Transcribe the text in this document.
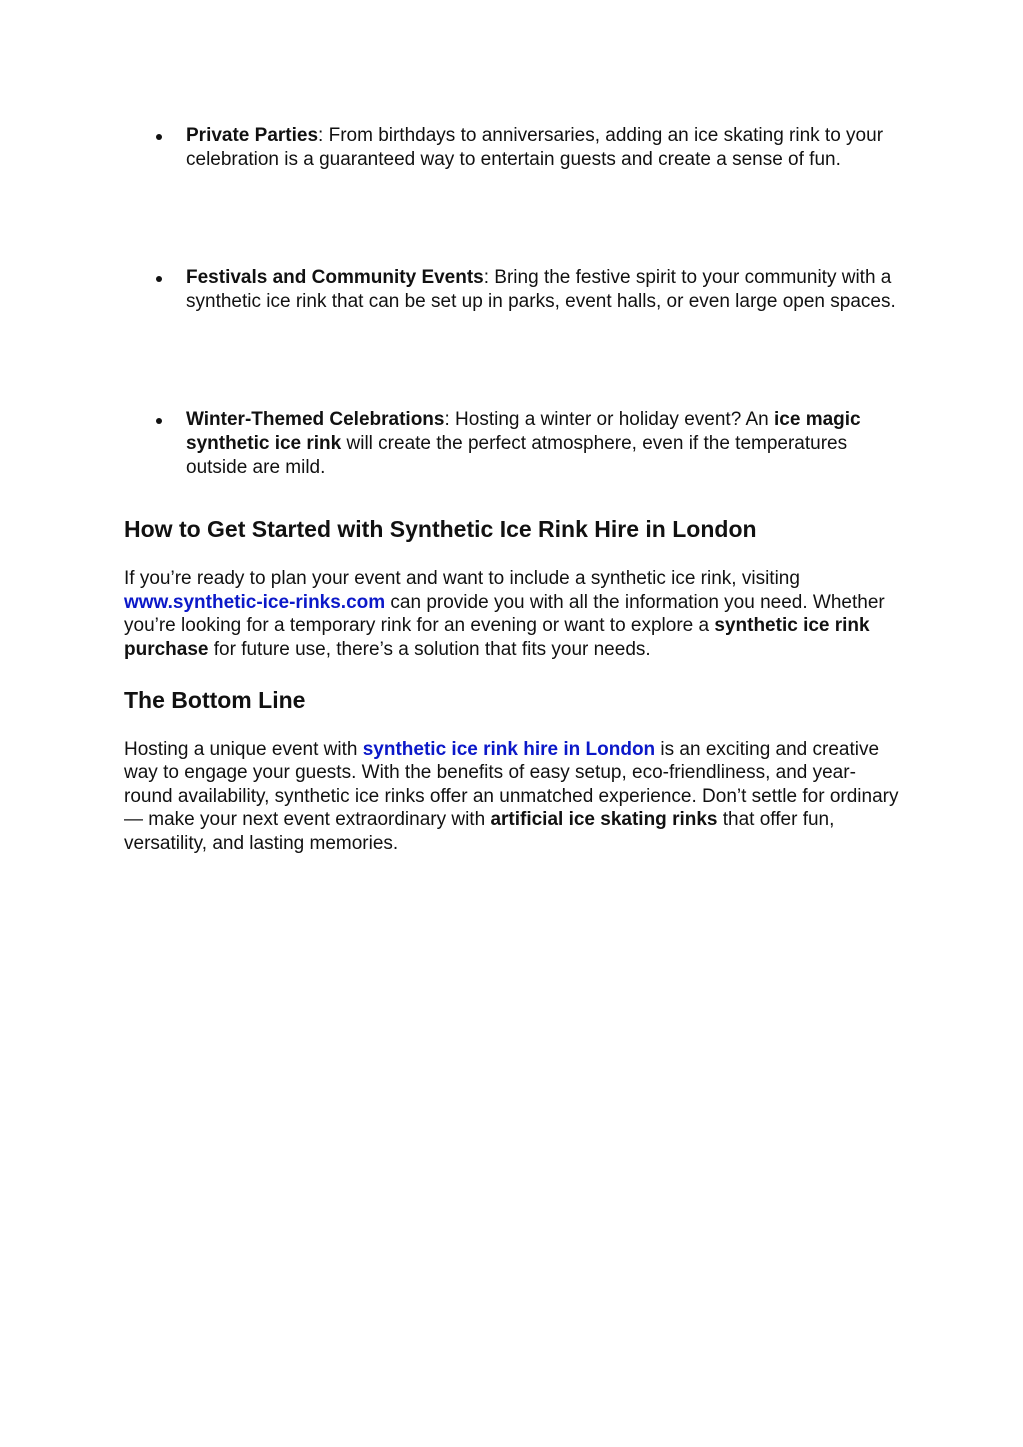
Private Parties: From birthdays to anniversaries, adding an ice skating rink to your celebration is a guaranteed way to entertain guests and create a sense of fun.
Festivals and Community Events: Bring the festive spirit to your community with a synthetic ice rink that can be set up in parks, event halls, or even large open spaces.
Winter-Themed Celebrations: Hosting a winter or holiday event? An ice magic synthetic ice rink will create the perfect atmosphere, even if the temperatures outside are mild.
How to Get Started with Synthetic Ice Rink Hire in London

If you’re ready to plan your event and want to include a synthetic ice rink, visiting www.synthetic-ice-rinks.com can provide you with all the information you need. Whether you’re looking for a temporary rink for an evening or want to explore a synthetic ice rink purchase for future use, there’s a solution that fits your needs.

The Bottom Line

Hosting a unique event with synthetic ice rink hire in London is an exciting and creative way to engage your guests. With the benefits of easy setup, eco-friendliness, and year-round availability, synthetic ice rinks offer an unmatched experience. Don’t settle for ordinary — make your next event extraordinary with artificial ice skating rinks that offer fun, versatility, and lasting memories.
